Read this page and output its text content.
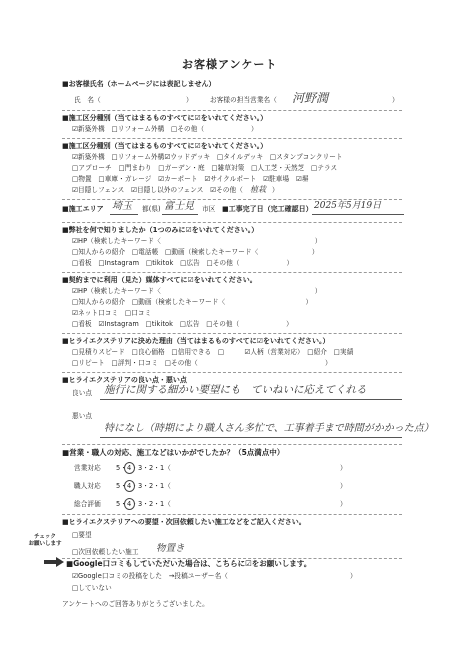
お客様アンケート
■お客様氏名（ホームページには表記しません）
氏　名（	）	お客様の担当営業名（ 河野潤	）
■施工区分種別（当てはまるものすべてに☑をいれてください。）
☑新築外構　□リフォーム外構　□その他（　　　　　　　）
■施工区分種別（当てはまるものすべてに☑をいれてください。）
☑新築外構　□リフォーム外構☑ウッドデッキ　□タイルデッキ　□スタンプコンクリート
□アプローチ　□門まわり　□ガーデン・庭　□雑草対策　□人工芝・天然芝　□テラス
□物置　□車庫・ガレージ　☑カーポート　☑サイクルポート　☑駐車場　☑塀
☑目隠しフェンス　☑目隠し以外のフェンス　☑その他（ 植栽 ）
■施工エリア 埼玉 都(県) 富士見 市区 ■工事完了日（完工確認日） 2025年5月19日
■弊社を何で知りましたか（1つのみに☑をいれてください。）
☑HP（検索したキーワード〈　　　　　　　　　　　　　　　　　　　　　　　）
□知人からの紹介　□電話帳　□動画（検索したキーワード〈　　　　　　　　）
□看板　□Instagram　□tikitok　□広告　□その他（　　　　　　　）
■契約までに利用（見た）媒体すべてに☑をいれてください。
☑HP（検索したキーワード〈　　　　　　　　　　　　　　　　　　　　　　　）
□知人からの紹介　□動画（検索したキーワード〈　　　　　　　　　　　　）
☑ネット口コミ　□口コミ
□看板　☑Instagram　□tikitok　□広告　□その他（　　　　　　　）
■ヒライエクステリアに決めた理由（当てはまるものすべてに☑をいれてください。）
□見積りスピード　□良心価格　□信用できる　□　　　☑人柄（営業対応）　□紹介　□実績
□リピート　□評判・口コミ　□その他（　　　　　　　　　　　　　　　　　　　）
■ヒライエクステリアの良い点・悪い点
良い点 施行に関する細かい要望にも　ていねいに応えてくれる
悪い点
特になし（時期により職人さん多忙で、工事着手まで時間がかかった点）
■営業・職人の対応、施工などはいかがでしたか？（5点満点中）
営業対応 5・4・3・2・1（	）
職人対応 5・4・3・2・1（	）
総合評価 5・4・3・2・1（	）
■ヒライエクステリアへの要望・次回依頼したい施工などをご記入ください。
□要望
□次回依頼したい施工 物置き
チェック
お願いします
■Google口コミもしていただいた場合は、こちらに☑をお願いします。
☑Google口コミの投稿をした　→投稿ユーザー名（	）
□していない
アンケートへのご回答ありがとうございました。
